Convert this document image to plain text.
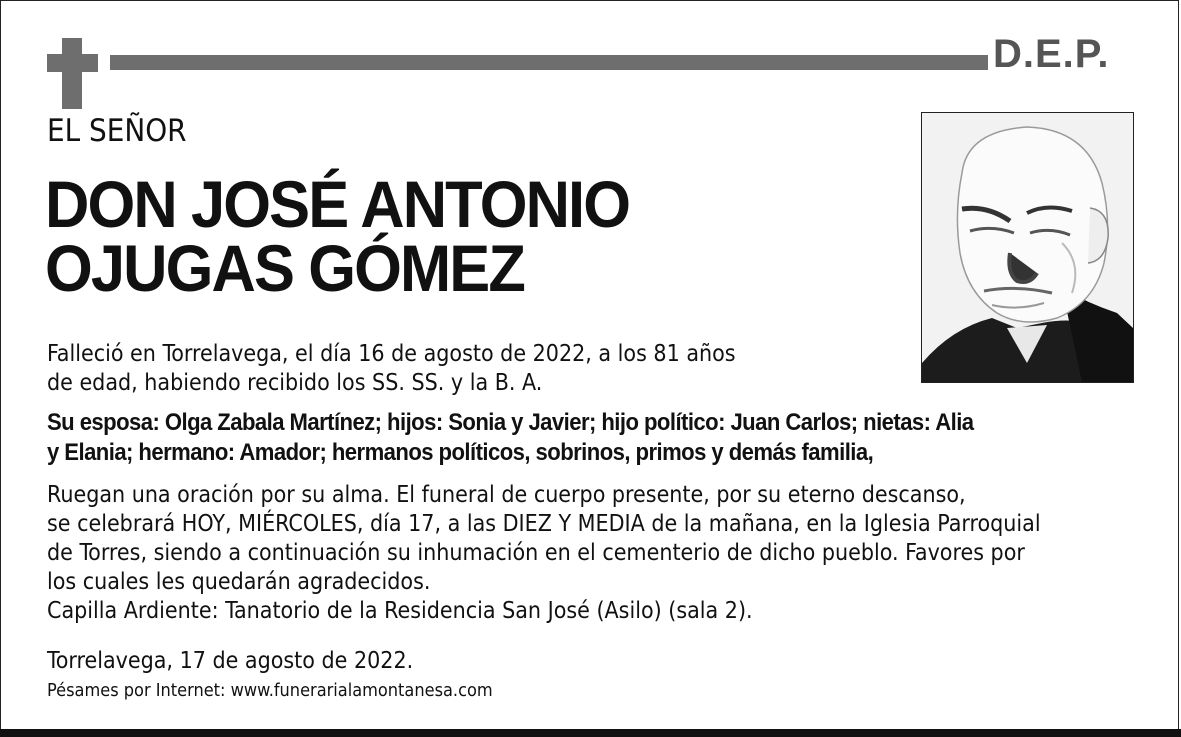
D.E.P.
EL SEÑOR
DON JOSÉ ANTONIO
OJUGAS GÓMEZ
Falleció en Torrelavega, el día 16 de agosto de 2022, a los 81 años
de edad, habiendo recibido los SS. SS. y la B. A.
Su esposa: Olga Zabala Martínez; hijos: Sonia y Javier; hijo político: Juan Carlos; nietas: Alia
y Elania; hermano: Amador; hermanos políticos, sobrinos, primos y demás familia,
Ruegan una oración por su alma. El funeral de cuerpo presente, por su eterno descanso,
se celebrará HOY, MIÉRCOLES, día 17, a las DIEZ Y MEDIA de la mañana, en la Iglesia Parroquial
de Torres, siendo a continuación su inhumación en el cementerio de dicho pueblo. Favores por
los cuales les quedarán agradecidos.
Capilla Ardiente: Tanatorio de la Residencia San José (Asilo) (sala 2).
Torrelavega, 17 de agosto de 2022.
Pésames por Internet: www.funerarialamontanesa.com
